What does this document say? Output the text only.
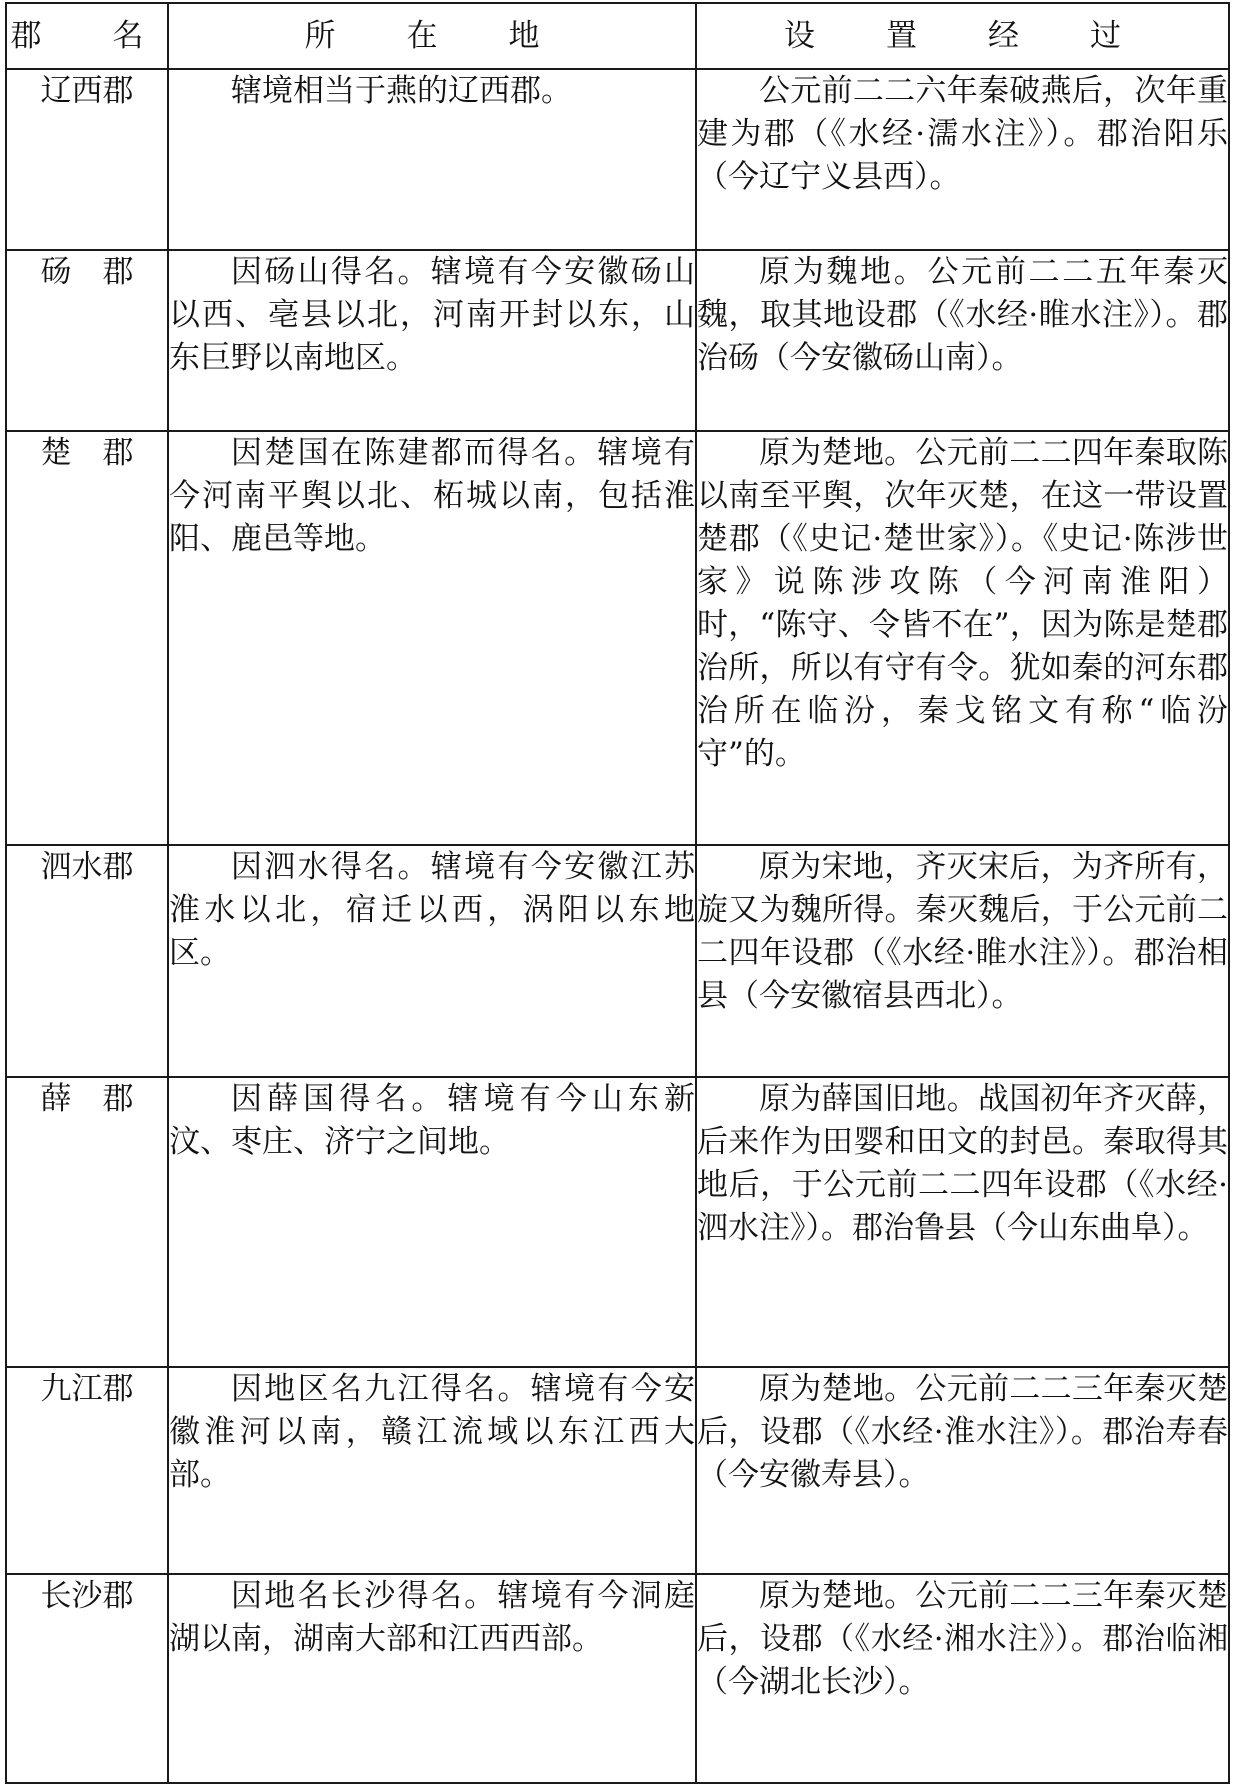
郡　名	所　在　地	设　置　经　过
辽西郡	辖境相当于燕的辽西郡。	公元前二二六年秦破燕后，次年重建为郡（《水经·濡水注》）。郡治阳乐（今辽宁义县西）。
砀　郡	因砀山得名。辖境有今安徽砀山以西、亳县以北，河南开封以东，山东巨野以南地区。	原为魏地。公元前二二五年秦灭魏，取其地设郡（《水经·睢水注》）。郡治砀（今安徽砀山南）。
楚　郡	因楚国在陈建都而得名。辖境有今河南平舆以北、柘城以南，包括淮阳、鹿邑等地。	原为楚地。公元前二二四年秦取陈以南至平舆，次年灭楚，在这一带设置楚郡（《史记·楚世家》）。《史记·陈涉世家》说陈涉攻陈（今河南淮阳）时，“陈守、令皆不在”，因为陈是楚郡治所，所以有守有令。犹如秦的河东郡治所在临汾，秦戈铭文有称“临汾守”的。
泗水郡	因泗水得名。辖境有今安徽江苏淮水以北，宿迁以西，涡阳以东地区。	原为宋地，齐灭宋后，为齐所有，旋又为魏所得。秦灭魏后，于公元前二二四年设郡（《水经·睢水注》）。郡治相县（今安徽宿县西北）。
薛　郡	因薛国得名。辖境有今山东新汶、枣庄、济宁之间地。	原为薛国旧地。战国初年齐灭薛，后来作为田婴和田文的封邑。秦取得其地后，于公元前二二四年设郡（《水经·泗水注》）。郡治鲁县（今山东曲阜）。
九江郡	因地区名九江得名。辖境有今安徽淮河以南，赣江流域以东江西大部。	原为楚地。公元前二二三年秦灭楚后，设郡（《水经·淮水注》）。郡治寿春（今安徽寿县）。
长沙郡	因地名长沙得名。辖境有今洞庭湖以南，湖南大部和江西西部。	原为楚地。公元前二二三年秦灭楚后，设郡（《水经·湘水注》）。郡治临湘（今湖北长沙）。
